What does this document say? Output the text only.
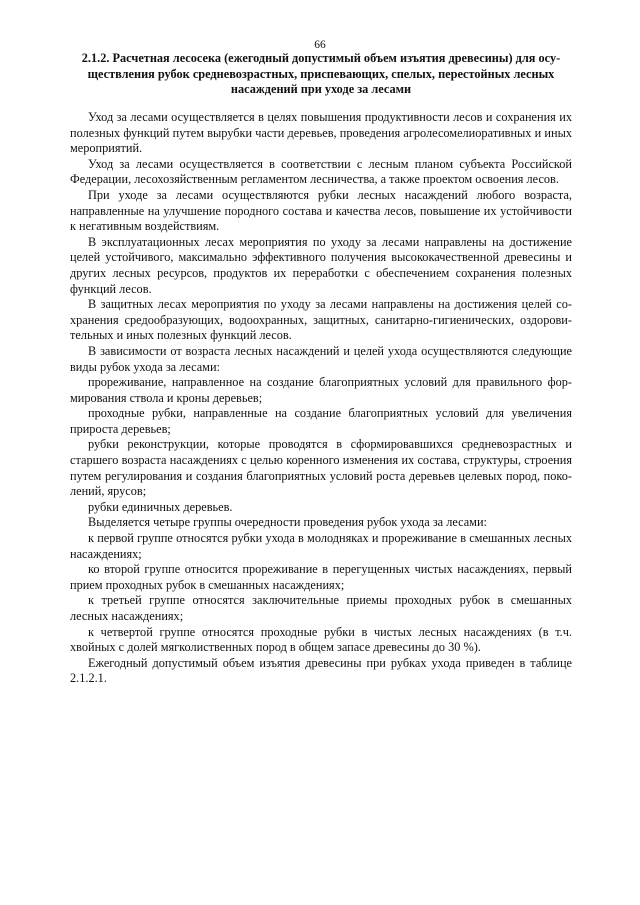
66
2.1.2. Расчетная лесосека (ежегодный допустимый объем изъятия древесины) для осуществления рубок средневозрастных, приспевающих, спелых, перестойных лесных насаждений при уходе за лесами

Уход за лесами осуществляется в целях повышения продуктивности лесов и сохранения их полезных функций путем вырубки части деревьев, проведения агролесомелиоративных и иных мероприятий.

Уход за лесами осуществляется в соответствии с лесным планом субъекта Российской Федерации, лесохозяйственным регламентом лесничества, а также проектом освоения лесов.

При уходе за лесами осуществляются рубки лесных насаждений любого возраста, направленные на улучшение породного состава и качества лесов, повышение их устойчивости к негативным воздействиям.

В эксплуатационных лесах мероприятия по уходу за лесами направлены на достижение целей устойчивого, максимально эффективного получения высококачественной древесины и других лесных ресурсов, продуктов их переработки с обеспечением сохранения полезных функций лесов.

В защитных лесах мероприятия по уходу за лесами направлены на достижения целей сохранения средообразующих, водоохранных, защитных, санитарно-гигиенических, оздоровительных и иных полезных функций лесов.

В зависимости от возраста лесных насаждений и целей ухода осуществляются следующие виды рубок ухода за лесами:

прореживание, направленное на создание благоприятных условий для правильного формирования ствола и кроны деревьев;

проходные рубки, направленные на создание благоприятных условий для увеличения прироста деревьев;

рубки реконструкции, которые проводятся в сформировавшихся средневозрастных и старшего возраста насаждениях с целью коренного изменения их состава, структуры, строения путем регулирования и создания благоприятных условий роста деревьев целевых пород, поколений, ярусов;

рубки единичных деревьев.

Выделяется четыре группы очередности проведения рубок ухода за лесами:

к первой группе относятся рубки ухода в молодняках и прореживание в смешанных лесных насаждениях;

ко второй группе относится прореживание в перегущенных чистых насаждениях, первый прием проходных рубок в смешанных насаждениях;

к третьей группе относятся заключительные приемы проходных рубок в смешанных лесных насаждениях;

к четвертой группе относятся проходные рубки в чистых лесных насаждениях (в т.ч. хвойных с долей мягколиственных пород в общем запасе древесины до 30 %).

Ежегодный допустимый объем изъятия древесины при рубках ухода приведен в таблице 2.1.2.1.
